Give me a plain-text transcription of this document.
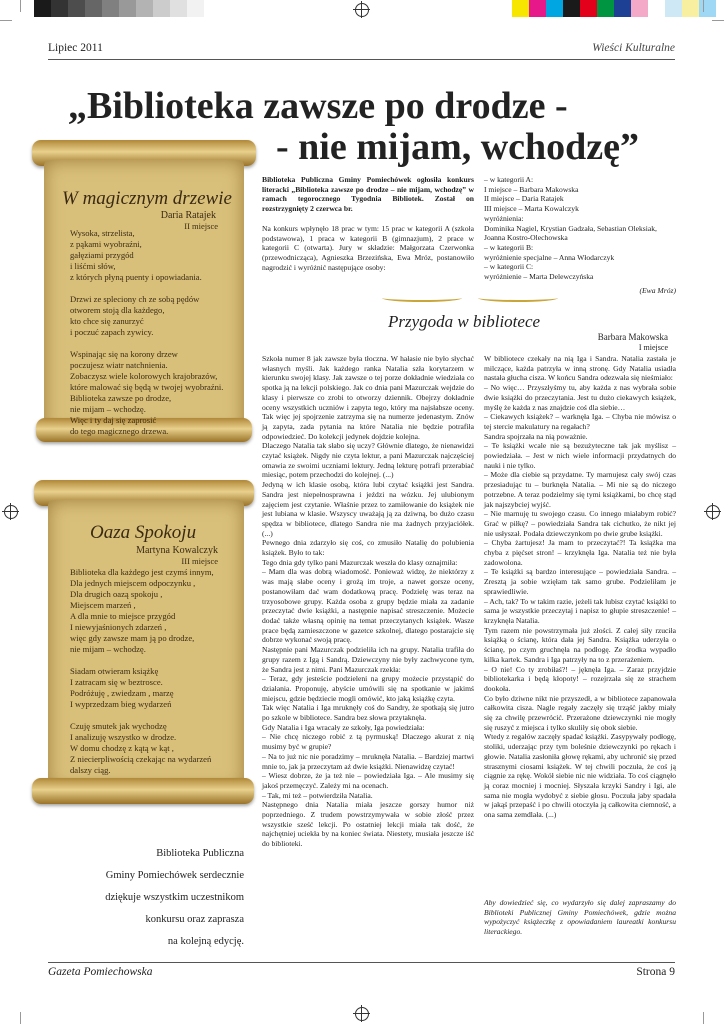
Lipiec 2011	Wieści Kulturalne
„Biblioteka zawsze po drodze -
- nie mijam, wchodzę”
W magicznym drzewie
Daria Ratajek
II miejsce
Wysoka, strzelista,
z pąkami wyobraźni,
gałęziami przygód
i liśćmi słów,
z których płyną puenty i opowiadania.

Drzwi ze spleciony ch ze sobą pędów
otworem stoją dla każdego,
kto chce się zanurzyć
i poczuć zapach zywicy.

Wspinając się na korony drzew
poczujesz wiatr natchnienia.
Zobaczysz wiele kolorowych krajobrazów,
które malować się będą w twojej wyobraźni.
Biblioteka zawsze po drodze,
nie mijam – wchodzę.
Więc i ty daj się zaprosić
do tego magicznego drzewa.
Oaza Spokoju
Martyna Kowalczyk
III miejsce
Biblioteka dla każdego jest czymś innym,
Dla jednych miejscem odpoczynku ,
Dla drugich oazą spokoju ,
Miejscem marzeń ,
A dla mnie to miejsce przygód
I niewyjaśnionych zdarzeń ,
więc gdy zawsze mam ją po drodze,
nie mijam – wchodzę.

Siadam otwieram książkę
I zatracam się w beztrosce.
Podróżuję , zwiedzam , marzę
I wyprzedzam bieg wydarzeń

Czuję smutek jak wychodzę
I analizuję wszystko w drodze.
W domu chodzę z kątą w kąt ,
Z niecierpliwością czekając na wydarzeń
dalszy ciąg.
Biblioteka Publiczna
Gminy Pomiechówek serdecznie
dziękuje wszystkim uczestnikom
konkursu oraz zaprasza
na kolejną edycję.
Biblioteka Publiczna Gminy Pomiechówek ogłosiła konkurs literacki „Biblioteka zawsze po drodze – nie mijam, wchodzę” w ramach tegorocznego Tygodnia Bibliotek. Został on rozstrzygnięty 2 czerwca br.
Na konkurs wpłynęło 18 prac w tym: 15 prac w kategorii A (szkoła podstawowa), 1 praca w kategorii B (gimnazjum), 2 prace w kategorii C (otwarta). Jury w składzie: Małgorzata Czerwonka (przewodnicząca), Agnieszka Brzezińska, Ewa Mróz, postanowiło nagrodzić i wyróżnić następujące osoby:
– w kategorii A:
I miejsce – Barbara Makowska
II miejsce – Daria Ratajek
III miejsce – Marta Kowalczyk
wyróżnienia:
Dominika Nagiel, Krystian Gadzała, Sebastian Oleksiak, Joanna Kostro-Olechowska
– w kategorii B:
wyróżnienie specjalne – Anna Włodarczyk
– w kategorii C:
wyróżnienie – Marta Delewczyńska
(Ewa Mróz)
Przygoda w bibliotece
Barbara Makowska
I miejsce
Szkoła numer 8 jak zawsze była tłoczna. W hałasie nie było słychać własnych myśli. Jak każdego ranka Natalia szła korytarzem w kierunku swojej klasy. Jak zawsze o tej porze dokładnie wiedziała co spotka ją na lekcji polskiego. Jak co dnia pani Mazurczak wejdzie do klasy i pierwsze co zrobi to otworzy dziennik. Obejrzy dokładnie oceny wszystkich uczniów i zapyta tego, który ma najsłabsze oceny. Tak więc jej spojrzenie zatrzyma się na numerze jedenastym. Znów ją zapyta, zada pytania na które Natalia nie będzie potrafiła odpowiedzieć. Do kolekcji jedynek dojdzie kolejna.
Dlaczego Natalia tak słabo się uczy? Głównie dlatego, że nienawidzi czytać książek. Nigdy nie czyta lektur, a pani Mazurczak najczęściej omawia ze swoimi uczniami lektury. Jedną lekturę potrafi przerabiać miesiąc, potem przechodzi do kolejnej. (...)
Jedyną w ich klasie osobą, która lubi czytać książki jest Sandra. Sandra jest niepełnosprawna i jeździ na wózku. Jej ulubionym zajęciem jest czytanie. Właśnie przez to zamiłowanie do książek nie jest lubiana w klasie. Wszyscy uważają ją za dziwną, bo dużo czasu spędza w bibliotece, dlatego Sandra nie ma żadnych przyjaciółek. (...)
Pewnego dnia zdarzyło się coś, co zmusiło Natalię do polubienia książek. Było to tak:
Tego dnia gdy tylko pani Mazurczak weszła do klasy oznajmiła:
– Mam dla was dobrą wiadomość. Ponieważ widzę, że niektórzy z was mają słabe oceny i grożą im troje, a nawet gorsze oceny, postanowiłam dać wam dodatkową pracę. Podzielę was teraz na trzyosobowe grupy. Każda osoba z grupy będzie miała za zadanie przeczytać dwie książki, a następnie napisać streszczenie. Możecie dodać także własną opinię na temat przeczytanych książek. Wasze prace będą zamieszczone w gazetce szkolnej, dlatego postarajcie się dobrze wykonać swoją pracę.
Następnie pani Mazurczak podzieliła ich na grupy. Natalia trafiła do grupy razem z Igą i Sandrą. Dziewczyny nie były zachwycone tym, że Sandra jest z nimi. Pani Mazurczak rzekła:
– Teraz, gdy jesteście podzieleni na grupy możecie przystąpić do działania. Proponuję, abyście umówili się na spotkanie w jakimś miejscu, gdzie będziecie mogli omówić, kto jaką książkę czyta.
Tak więc Natalia i Iga mruknęły coś do Sandry, że spotkają się jutro po szkole w bibliotece. Sandra bez słowa przytaknęła.
Gdy Natalia i Iga wracały ze szkoły, Iga powiedziała:
– Nie chcę niczego robić z tą pyrmuską! Dlaczego akurat z nią musimy być w grupie?
– Na to już nic nie poradzimy – mruknęła Natalia. – Bardziej martwi mnie to, jak ja przeczytam aż dwie książki. Nienawidzę czytać!
– Wiesz dobrze, że ja też nie – powiedziała Iga. – Ale musimy się jakoś przemęczyć. Zależy mi na ocenach.
– Tak, mi też – potwierdziła Natalia.
Następnego dnia Natalia miała jeszcze gorszy humor niż poprzedniego. Z trudem powstrzymywała w sobie złość przez wszystkie sześć lekcji. Po ostatniej lekcji miała tak dość, że najchętniej uciekła by na koniec świata. Niestety, musiała jeszcze iść do biblioteki.
W bibliotece czekały na nią Iga i Sandra. Natalia zastała je milczące, każda patrzyła w inną stronę. Gdy Natalia usiadła nastała głucha cisza. W końcu Sandra odezwała się nieśmiało:
– No więc… Przyszłyśmy tu, aby każda z nas wybrała sobie dwie książki do przeczytania. Jest tu dużo ciekawych książek, myślę że każda z nas znajdzie coś dla siebie…
– Ciekawych książek? – warknęła Iga. – Chyba nie mówisz o tej stercie makulatury na regałach?
Sandra spojrzała na nią poważnie.
– Te książki wcale nie są bezużyteczne tak jak myślisz – powiedziała. – Jest w nich wiele informacji przydatnych do nauki i nie tylko.
– Może dla ciebie są przydatne. Ty marnujesz cały swój czas przesiadując tu – burknęła Natalia. – Mi nie są do niczego potrzebne. A teraz podzielmy się tymi książkami, bo chcę stąd jak najszybciej wyjść.
– Nie marnuję tu swojego czasu. Co innego miałabym robić? Grać w piłkę? – powiedziała Sandra tak cichutko, że nikt jej nie usłyszał. Podała dziewczynkom po dwie grube książki.
– Chyba żartujesz! Ja mam to przeczytać?! Ta książka ma chyba z pięćset stron! – krzyknęła Iga. Natalia też nie była zadowolona.
– Te książki są bardzo interesujące – powiedziała Sandra. – Zresztą ja sobie wzięłam tak samo grube. Podzieliłam je sprawiedliwie.
– Ach, tak? To w takim razie, jeżeli tak lubisz czytać książki to sama je wszystkie przeczytaj i napisz to głupie streszczenie! – krzyknęła Natalia.
Tym razem nie powstrzymała już złości. Z całej siły rzuciła książką o ścianę, która dała jej Sandra. Książka uderzyła o ścianę, po czym gruchnęła na podłogę. Ze środka wypadło kilka kartek. Sandra i Iga patrzyły na to z przerażeniem.
– O nie! Co ty zrobiłaś?! – jęknęła Iga. – Zaraz przyjdzie bibliotekarka i będą kłopoty! – rozejrzała się ze strachem dookoła.
Co było dziwne nikt nie przyszedł, a w bibliotece zapanowała całkowita cisza. Nagle regały zaczęły się trząść jakby miały się za chwilę przewrócić. Przerażone dziewczynki nie mogły się ruszyć z miejsca i tylko skuliły się obok siebie.
Wtedy z regałów zaczęły spadać książki. Zasypywały podłogę, stoliki, uderzając przy tym boleśnie dziewczynki po rękach i głowie. Natalia zasłoniła głowę rękami, aby uchronić się przed strasznymi ciosami książek. W tej chwili poczuła, że coś ją ciągnie za rękę. Wokół siebie nic nie widziała. To coś ciągnęło ją coraz mocniej i mocniej. Słyszała krzyki Sandry i Igi, ale sama nie mogła wydobyć z siebie głosu. Poczuła jaby spadała w jakąś przepaść i po chwili otoczyła ją całkowita ciemność, a ona sama zemdlała. (...)
Aby dowiedzieć się, co wydarzyło się dalej zapraszamy do Biblioteki Publicznej Gminy Pomiechówek, gdzie można wypożyczyć książeczkę z opowiadaniem laureatki konkursu literackiego.
Gazeta Pomiechowska	Strona 9
